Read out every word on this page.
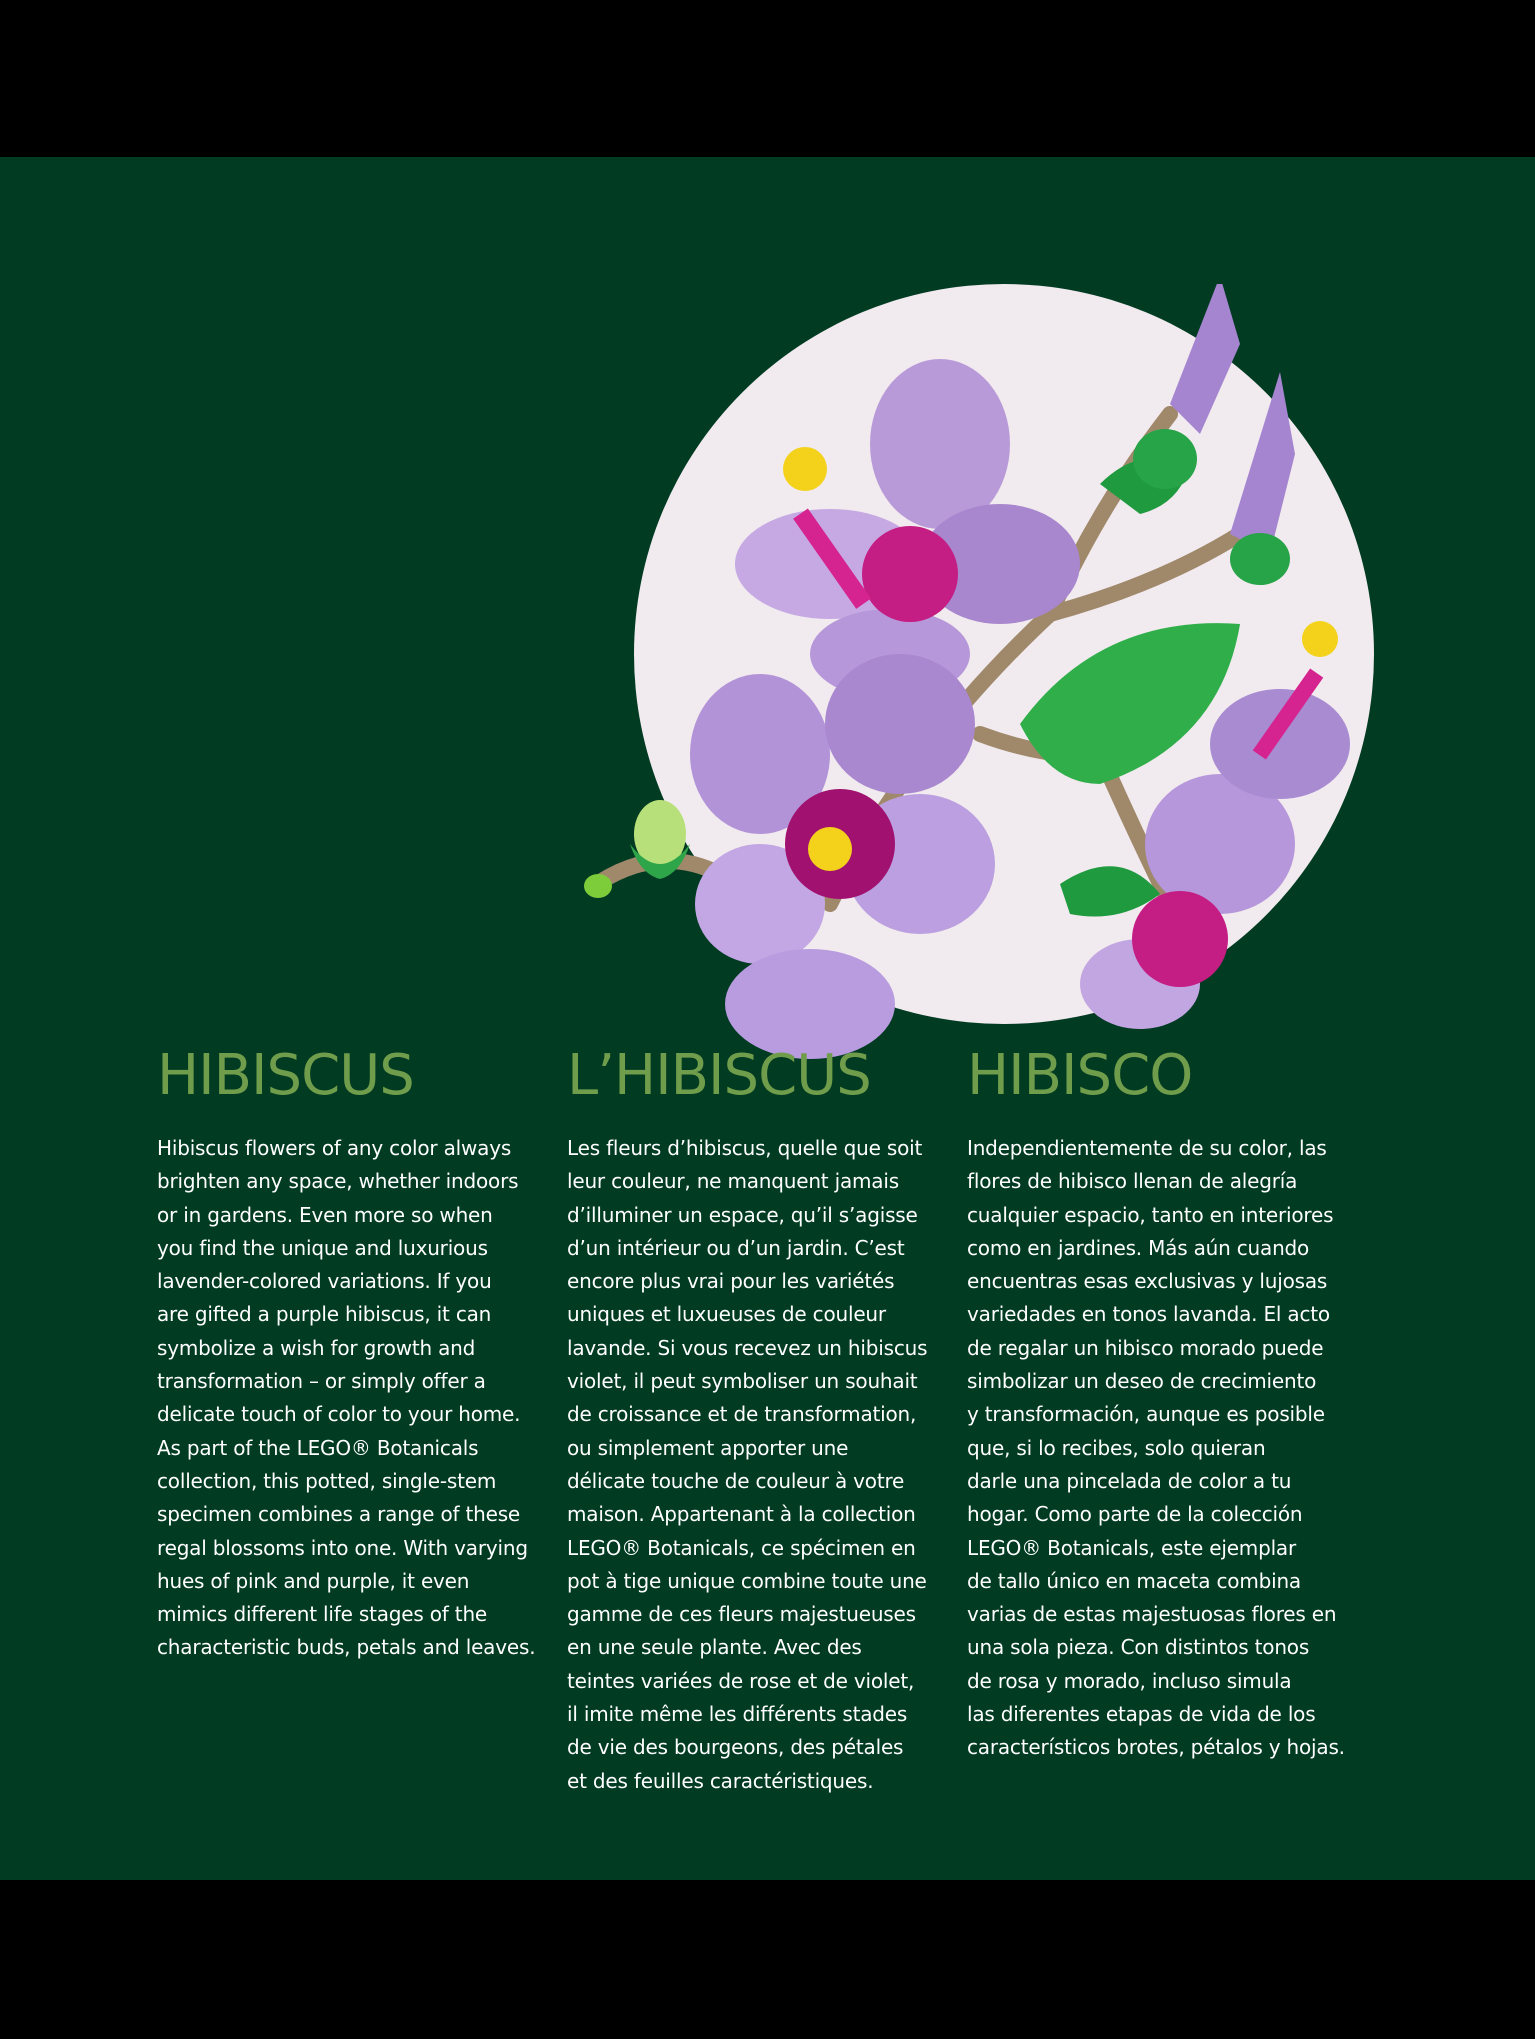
HIBISCUS

Hibiscus flowers of any color always
brighten any space, whether indoors
or in gardens. Even more so when
you find the unique and luxurious
lavender-colored variations. If you
are gifted a purple hibiscus, it can
symbolize a wish for growth and
transformation – or simply offer a
delicate touch of color to your home.
As part of the LEGO® Botanicals
collection, this potted, single-stem
specimen combines a range of these
regal blossoms into one. With varying
hues of pink and purple, it even
mimics different life stages of the
characteristic buds, petals and leaves.

L’HIBISCUS

Les fleurs d’hibiscus, quelle que soit
leur couleur, ne manquent jamais
d’illuminer un espace, qu’il s’agisse
d’un intérieur ou d’un jardin. C’est
encore plus vrai pour les variétés
uniques et luxueuses de couleur
lavande. Si vous recevez un hibiscus
violet, il peut symboliser un souhait
de croissance et de transformation,
ou simplement apporter une
délicate touche de couleur à votre
maison. Appartenant à la collection
LEGO® Botanicals, ce spécimen en
pot à tige unique combine toute une
gamme de ces fleurs majestueuses
en une seule plante. Avec des
teintes variées de rose et de violet,
il imite même les différents stades
de vie des bourgeons, des pétales
et des feuilles caractéristiques.

HIBISCO

Independientemente de su color, las
flores de hibisco llenan de alegría
cualquier espacio, tanto en interiores
como en jardines. Más aún cuando
encuentras esas exclusivas y lujosas
variedades en tonos lavanda. El acto
de regalar un hibisco morado puede
simbolizar un deseo de crecimiento
y transformación, aunque es posible
que, si lo recibes, solo quieran
darle una pincelada de color a tu
hogar. Como parte de la colección
LEGO® Botanicals, este ejemplar
de tallo único en maceta combina
varias de estas majestuosas flores en
una sola pieza. Con distintos tonos
de rosa y morado, incluso simula
las diferentes etapas de vida de los
característicos brotes, pétalos y hojas.
